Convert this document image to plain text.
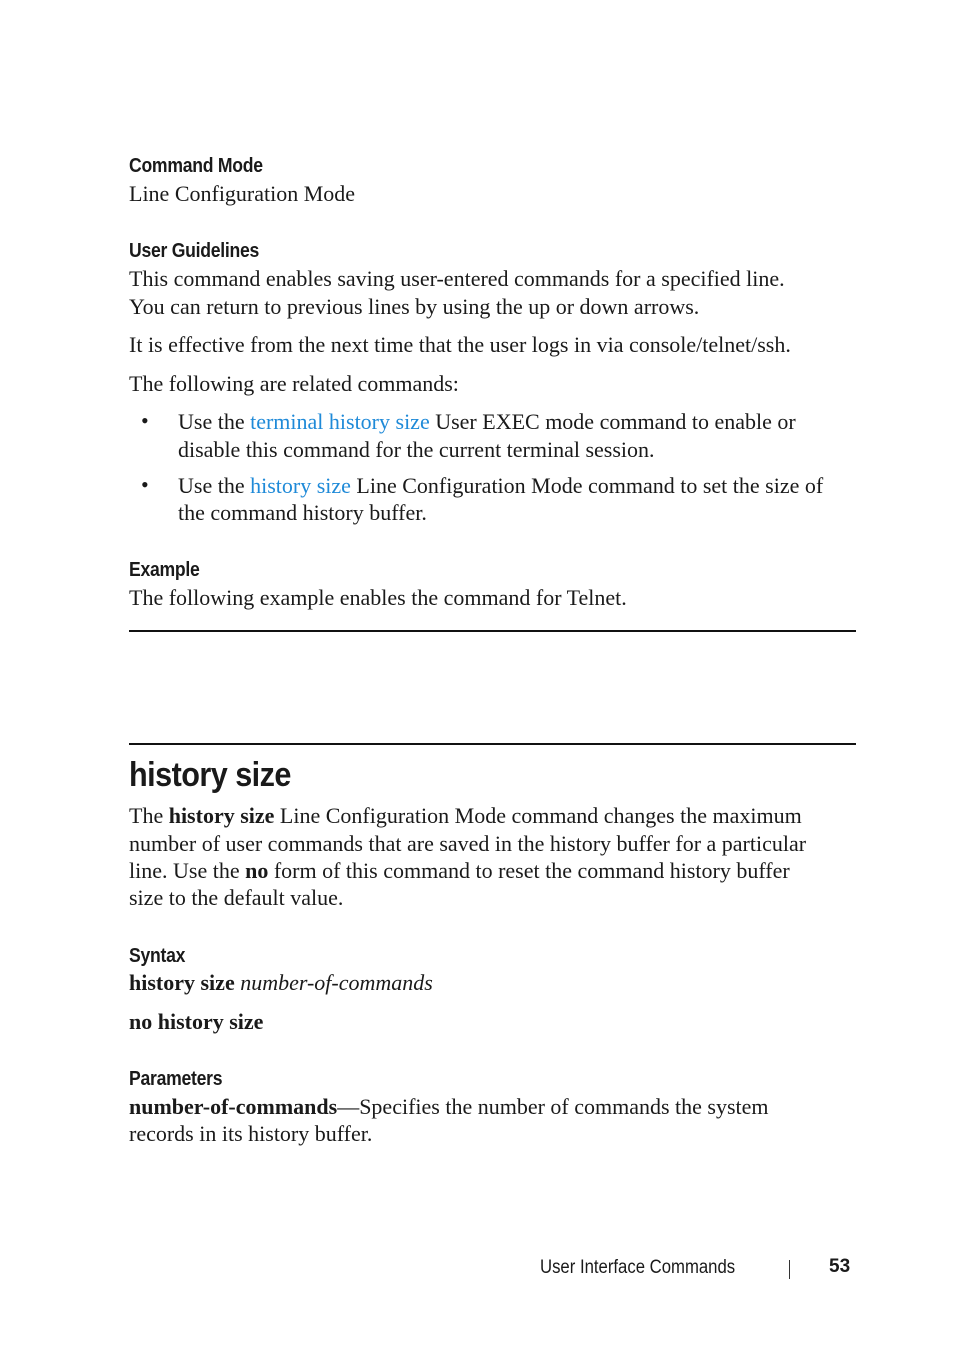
Command Mode
Line Configuration Mode
User Guidelines
This command enables saving user-entered commands for a specified line.
You can return to previous lines by using the up or down arrows.
It is effective from the next time that the user logs in via console/telnet/ssh.
The following are related commands:
• Use the terminal history size User EXEC mode command to enable or
disable this command for the current terminal session.
• Use the history size Line Configuration Mode command to set the size of
the command history buffer.
Example
The following example enables the command for Telnet.
history size
The history size Line Configuration Mode command changes the maximum
number of user commands that are saved in the history buffer for a particular
line. Use the no form of this command to reset the command history buffer
size to the default value.
Syntax
history size number-of-commands
no history size
Parameters
number-of-commands—Specifies the number of commands the system
records in its history buffer.
User Interface Commands	53
